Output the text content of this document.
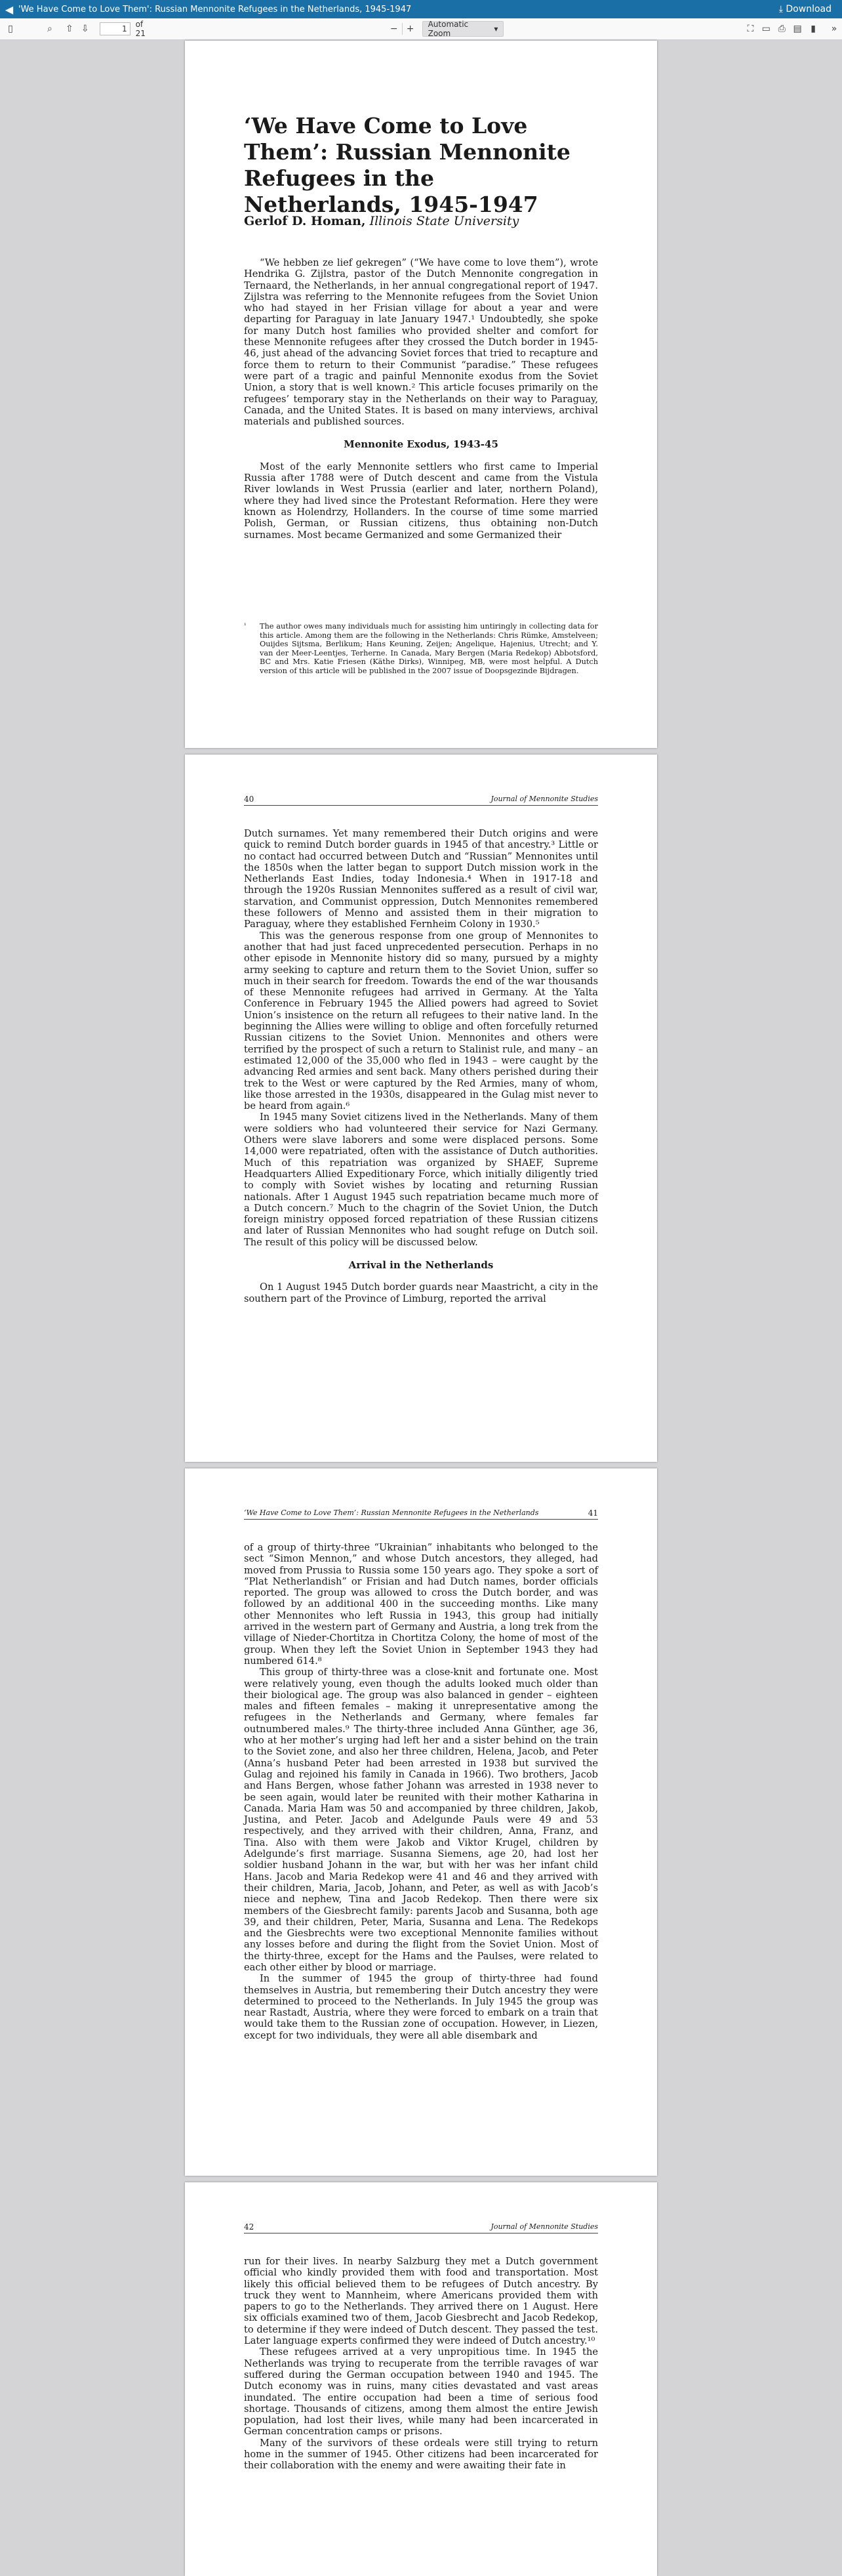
◀ 'We Have Come to Love Them': Russian Mennonite Refugees in the Netherlands, 1945-1947	⤓ Download
▯	⌕	⇧ ⇩	1	of 21	− +	Automatic Zoom	▾	⛶ ▭ ⎙ ▤ ▮	»
‘We Have Come to Love Them’: Russian Mennonite Refugees in the Netherlands, 1945-1947
Gerlof D. Homan, Illinois State University

“We hebben ze lief gekregen” (“We have come to love them”), wrote Hendrika G. Zijlstra, pastor of the Dutch Mennonite congregation in Ternaard, the Netherlands, in her annual congregational report of 1947. Zijlstra was referring to the Mennonite refugees from the Soviet Union who had stayed in her Frisian village for about a year and were departing for Paraguay in late January 1947.¹ Undoubtedly, she spoke for many Dutch host families who provided shelter and comfort for these Mennonite refugees after they crossed the Dutch border in 1945-46, just ahead of the advancing Soviet forces that tried to recapture and force them to return to their Communist “paradise.” These refugees were part of a tragic and painful Mennonite exodus from the Soviet Union, a story that is well known.² This article focuses primarily on the refugees’ temporary stay in the Netherlands on their way to Paraguay, Canada, and the United States. It is based on many interviews, archival materials and published sources.

Mennonite Exodus, 1943-45

Most of the early Mennonite settlers who first came to Imperial Russia after 1788 were of Dutch descent and came from the Vistula River lowlands in West Prussia (earlier and later, northern Poland), where they had lived since the Protestant Reformation. Here they were known as Holendrzy, Hollanders. In the course of time some married Polish, German, or Russian citizens, thus obtaining non-Dutch surnames. Most became Germanized and some Germanized their

¹	The author owes many individuals much for assisting him untiringly in collecting data for this article. Among them are the following in the Netherlands: Chris Rümke, Amstelveen; Ouijdes Sijtsma, Berlikum; Hans Keuning, Zeijen; Angelique, Hajenius, Utrecht; and Y. van der Meer-Leentjes, Terherne. In Canada, Mary Bergen (Maria Redekop) Abbotsford, BC and Mrs. Katie Friesen (Käthe Dirks), Winnipeg, MB, were most helpful. A Dutch version of this article will be published in the 2007 issue of Doopsgezinde Bijdragen.
40	Journal of Mennonite Studies

Dutch surnames. Yet many remembered their Dutch origins and were quick to remind Dutch border guards in 1945 of that ancestry.³ Little or no contact had occurred between Dutch and “Russian” Mennonites until the 1850s when the latter began to support Dutch mission work in the Netherlands East Indies, today Indonesia.⁴ When in 1917-18 and through the 1920s Russian Mennonites suffered as a result of civil war, starvation, and Communist oppression, Dutch Mennonites remembered these followers of Menno and assisted them in their migration to Paraguay, where they established Fernheim Colony in 1930.⁵

This was the generous response from one group of Mennonites to another that had just faced unprecedented persecution. Perhaps in no other episode in Mennonite history did so many, pursued by a mighty army seeking to capture and return them to the Soviet Union, suffer so much in their search for freedom. Towards the end of the war thousands of these Mennonite refugees had arrived in Germany. At the Yalta Conference in February 1945 the Allied powers had agreed to Soviet Union’s insistence on the return all refugees to their native land. In the beginning the Allies were willing to oblige and often forcefully returned Russian citizens to the Soviet Union. Mennonites and others were terrified by the prospect of such a return to Stalinist rule, and many – an estimated 12,000 of the 35,000 who fled in 1943 – were caught by the advancing Red armies and sent back. Many others perished during their trek to the West or were captured by the Red Armies, many of whom, like those arrested in the 1930s, disappeared in the Gulag mist never to be heard from again.⁶

In 1945 many Soviet citizens lived in the Netherlands. Many of them were soldiers who had volunteered their service for Nazi Germany. Others were slave laborers and some were displaced persons. Some 14,000 were repatriated, often with the assistance of Dutch authorities. Much of this repatriation was organized by SHAEF, Supreme Headquarters Allied Expeditionary Force, which initially diligently tried to comply with Soviet wishes by locating and returning Russian nationals. After 1 August 1945 such repatriation became much more of a Dutch concern.⁷ Much to the chagrin of the Soviet Union, the Dutch foreign ministry opposed forced repatriation of these Russian citizens and later of Russian Mennonites who had sought refuge on Dutch soil. The result of this policy will be discussed below.

Arrival in the Netherlands

On 1 August 1945 Dutch border guards near Maastricht, a city in the southern part of the Province of Limburg, reported the arrival

‘We Have Come to Love Them’: Russian Mennonite Refugees in the Netherlands	41

of a group of thirty-three “Ukrainian” inhabitants who belonged to the sect “Simon Mennon,” and whose Dutch ancestors, they alleged, had moved from Prussia to Russia some 150 years ago. They spoke a sort of “Plat Netherlandish” or Frisian and had Dutch names, border officials reported. The group was allowed to cross the Dutch border, and was followed by an additional 400 in the succeeding months. Like many other Mennonites who left Russia in 1943, this group had initially arrived in the western part of Germany and Austria, a long trek from the village of Nieder-Chortitza in Chortitza Colony, the home of most of the group. When they left the Soviet Union in September 1943 they had numbered 614.⁸

This group of thirty-three was a close-knit and fortunate one. Most were relatively young, even though the adults looked much older than their biological age. The group was also balanced in gender – eighteen males and fifteen females – making it unrepresentative among the refugees in the Netherlands and Germany, where females far outnumbered males.⁹ The thirty-three included Anna Günther, age 36, who at her mother’s urging had left her and a sister behind on the train to the Soviet zone, and also her three children, Helena, Jacob, and Peter (Anna’s husband Peter had been arrested in 1938 but survived the Gulag and rejoined his family in Canada in 1966). Two brothers, Jacob and Hans Bergen, whose father Johann was arrested in 1938 never to be seen again, would later be reunited with their mother Katharina in Canada. Maria Ham was 50 and accompanied by three children, Jakob, Justina, and Peter. Jacob and Adelgunde Pauls were 49 and 53 respectively, and they arrived with their children, Anna, Franz, and Tina. Also with them were Jakob and Viktor Krugel, children by Adelgunde’s first marriage. Susanna Siemens, age 20, had lost her soldier husband Johann in the war, but with her was her infant child Hans. Jacob and Maria Redekop were 41 and 46 and they arrived with their children, Maria, Jacob, Johann, and Peter, as well as with Jacob’s niece and nephew, Tina and Jacob Redekop. Then there were six members of the Giesbrecht family: parents Jacob and Susanna, both age 39, and their children, Peter, Maria, Susanna and Lena. The Redekops and the Giesbrechts were two exceptional Mennonite families without any losses before and during the flight from the Soviet Union. Most of the thirty-three, except for the Hams and the Paulses, were related to each other either by blood or marriage.

In the summer of 1945 the group of thirty-three had found themselves in Austria, but remembering their Dutch ancestry they were determined to proceed to the Netherlands. In July 1945 the group was near Rastadt, Austria, where they were forced to embark on a train that would take them to the Russian zone of occupation. However, in Liezen, except for two individuals, they were all able disembark and

42	Journal of Mennonite Studies

run for their lives. In nearby Salzburg they met a Dutch government official who kindly provided them with food and transportation. Most likely this official believed them to be refugees of Dutch ancestry. By truck they went to Mannheim, where Americans provided them with papers to go to the Netherlands. They arrived there on 1 August. Here six officials examined two of them, Jacob Giesbrecht and Jacob Redekop, to determine if they were indeed of Dutch descent. They passed the test. Later language experts confirmed they were indeed of Dutch ancestry.¹⁰

These refugees arrived at a very unpropitious time. In 1945 the Netherlands was trying to recuperate from the terrible ravages of war suffered during the German occupation between 1940 and 1945. The Dutch economy was in ruins, many cities devastated and vast areas inundated. The entire occupation had been a time of serious food shortage. Thousands of citizens, among them almost the entire Jewish population, had lost their lives, while many had been incarcerated in German concentration camps or prisons.

Many of the survivors of these ordeals were still trying to return home in the summer of 1945. Other citizens had been incarcerated for their collaboration with the enemy and were awaiting their fate in
